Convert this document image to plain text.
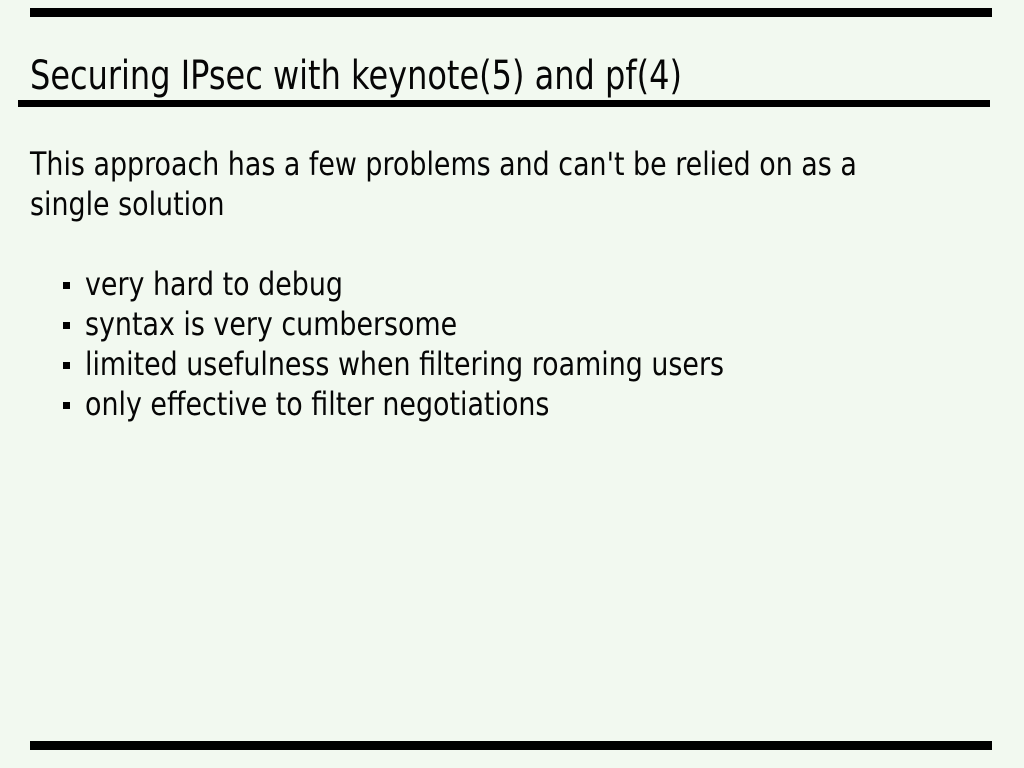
Securing IPsec with keynote(5) and pf(4)
This approach has a few problems and can't be relied on as a
single solution
very hard to debug
syntax is very cumbersome
limited usefulness when filtering roaming users
only effective to filter negotiations
